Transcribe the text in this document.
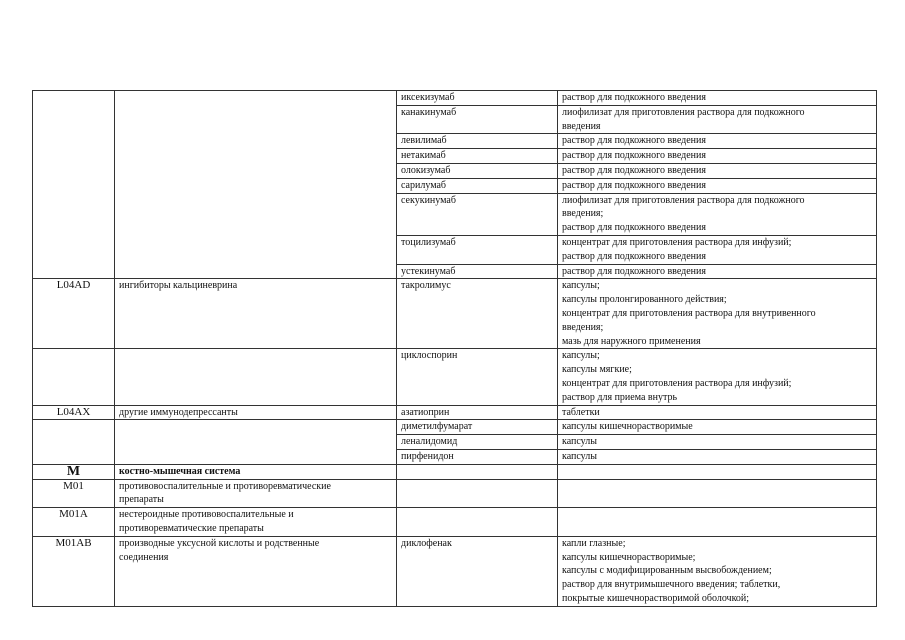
		иксекизумаб	раствор для подкожного введения

		канакинумаб	лиофилизат для приготовления раствора для подкожного
введения

		левилимаб	раствор для подкожного введения

		нетакимаб	раствор для подкожного введения

		олокизумаб	раствор для подкожного введения

		сарилумаб	раствор для подкожного введения

		секукинумаб	лиофилизат для приготовления раствора для подкожного
введения;
раствор для подкожного введения

		тоцилизумаб	концентрат для приготовления раствора для инфузий;
раствор для подкожного введения

		устекинумаб	раствор для подкожного введения

L04AD	ингибиторы кальциневрина	такролимус	капсулы;
капсулы пролонгированного действия;
концентрат для приготовления раствора для внутривенного
введения;
мазь для наружного применения

		циклоспорин	капсулы;
капсулы мягкие;
концентрат для приготовления раствора для инфузий;
раствор для приема внутрь

L04AX	другие иммунодепрессанты	азатиоприн	таблетки

		диметилфумарат	капсулы кишечнорастворимые

		леналидомид	капсулы

		пирфенидон	капсулы

M	костно-мышечная система		

M01	противовоспалительные и противоревматические
препараты		

M01A	нестероидные противовоспалительные и
противоревматические препараты		

M01AB	производные уксусной кислоты и родственные
соединения	диклофенак	капли глазные;
капсулы кишечнорастворимые;
капсулы с модифицированным высвобождением;
раствор для внутримышечного введения; таблетки,
покрытые кишечнорастворимой оболочкой;
